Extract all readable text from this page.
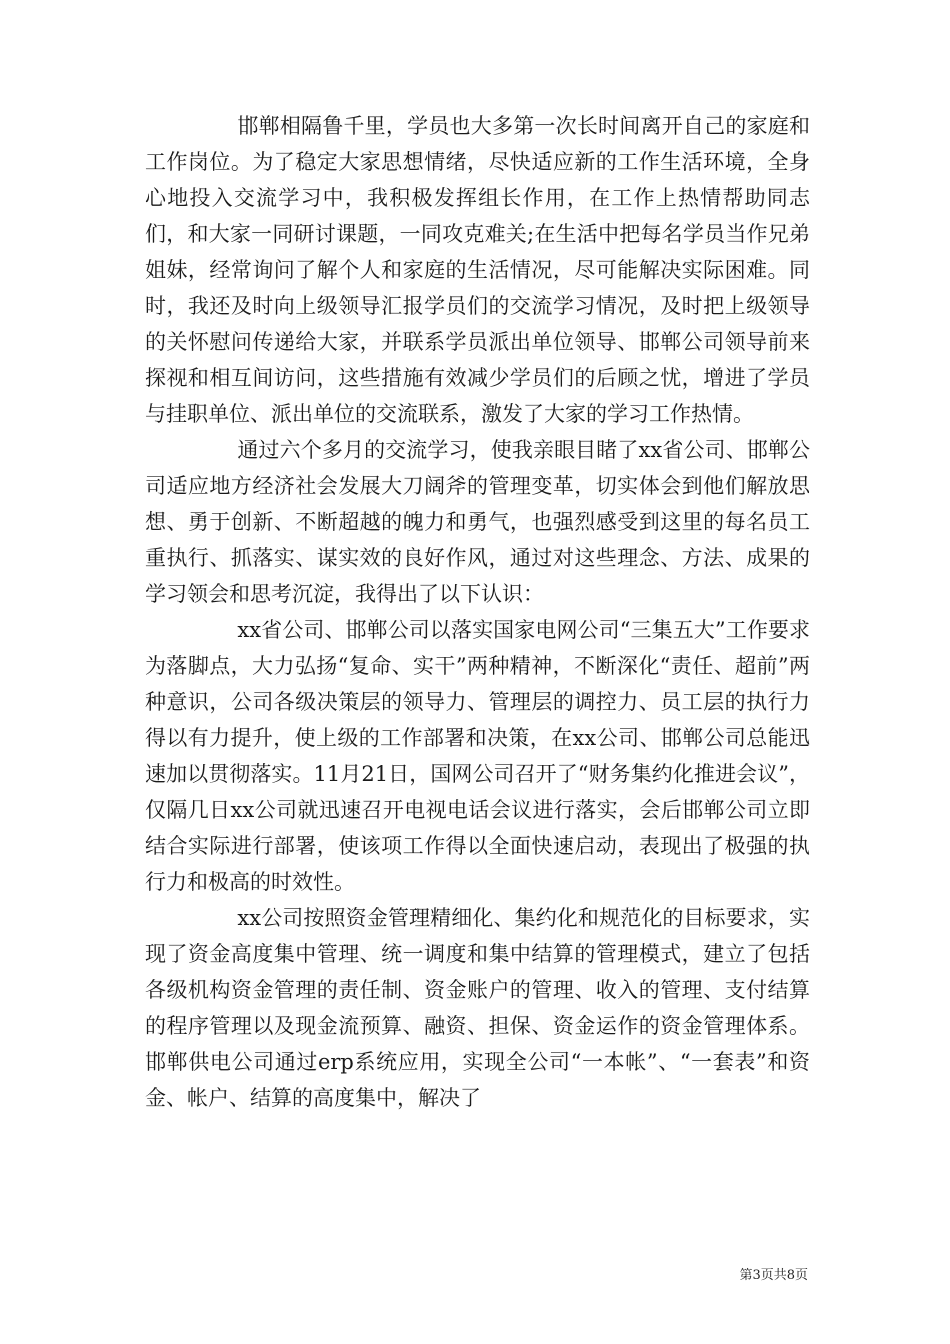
邯郸相隔鲁千里，学员也大多第一次长时间离开自己的家庭和工作岗位。为了稳定大家思想情绪，尽快适应新的工作生活环境，全身心地投入交流学习中，我积极发挥组长作用，在工作上热情帮助同志们，和大家一同研讨课题，一同攻克难关;在生活中把每名学员当作兄弟姐妹，经常询问了解个人和家庭的生活情况，尽可能解决实际困难。同时，我还及时向上级领导汇报学员们的交流学习情况，及时把上级领导的关怀慰问传递给大家，并联系学员派出单位领导、邯郸公司领导前来探视和相互间访问，这些措施有效减少学员们的后顾之忧，增进了学员与挂职单位、派出单位的交流联系，激发了大家的学习工作热情。

通过六个多月的交流学习，使我亲眼目睹了xx省公司、邯郸公司适应地方经济社会发展大刀阔斧的管理变革，切实体会到他们解放思想、勇于创新、不断超越的魄力和勇气，也强烈感受到这里的每名员工重执行、抓落实、谋实效的良好作风，通过对这些理念、方法、成果的学习领会和思考沉淀，我得出了以下认识：

xx省公司、邯郸公司以落实国家电网公司“三集五大”工作要求为落脚点，大力弘扬“复命、实干”两种精神，不断深化“责任、超前”两种意识，公司各级决策层的领导力、管理层的调控力、员工层的执行力得以有力提升，使上级的工作部署和决策，在xx公司、邯郸公司总能迅速加以贯彻落实。11月21日，国网公司召开了“财务集约化推进会议”，仅隔几日xx公司就迅速召开电视电话会议进行落实，会后邯郸公司立即结合实际进行部署，使该项工作得以全面快速启动，表现出了极强的执行力和极高的时效性。

xx公司按照资金管理精细化、集约化和规范化的目标要求，实现了资金高度集中管理、统一调度和集中结算的管理模式，建立了包括各级机构资金管理的责任制、资金账户的管理、收入的管理、支付结算的程序管理以及现金流预算、融资、担保、资金运作的资金管理体系。邯郸供电公司通过erp系统应用，实现全公司“一本帐”、“一套表”和资金、帐户、结算的高度集中，解决了

第3页共8页
